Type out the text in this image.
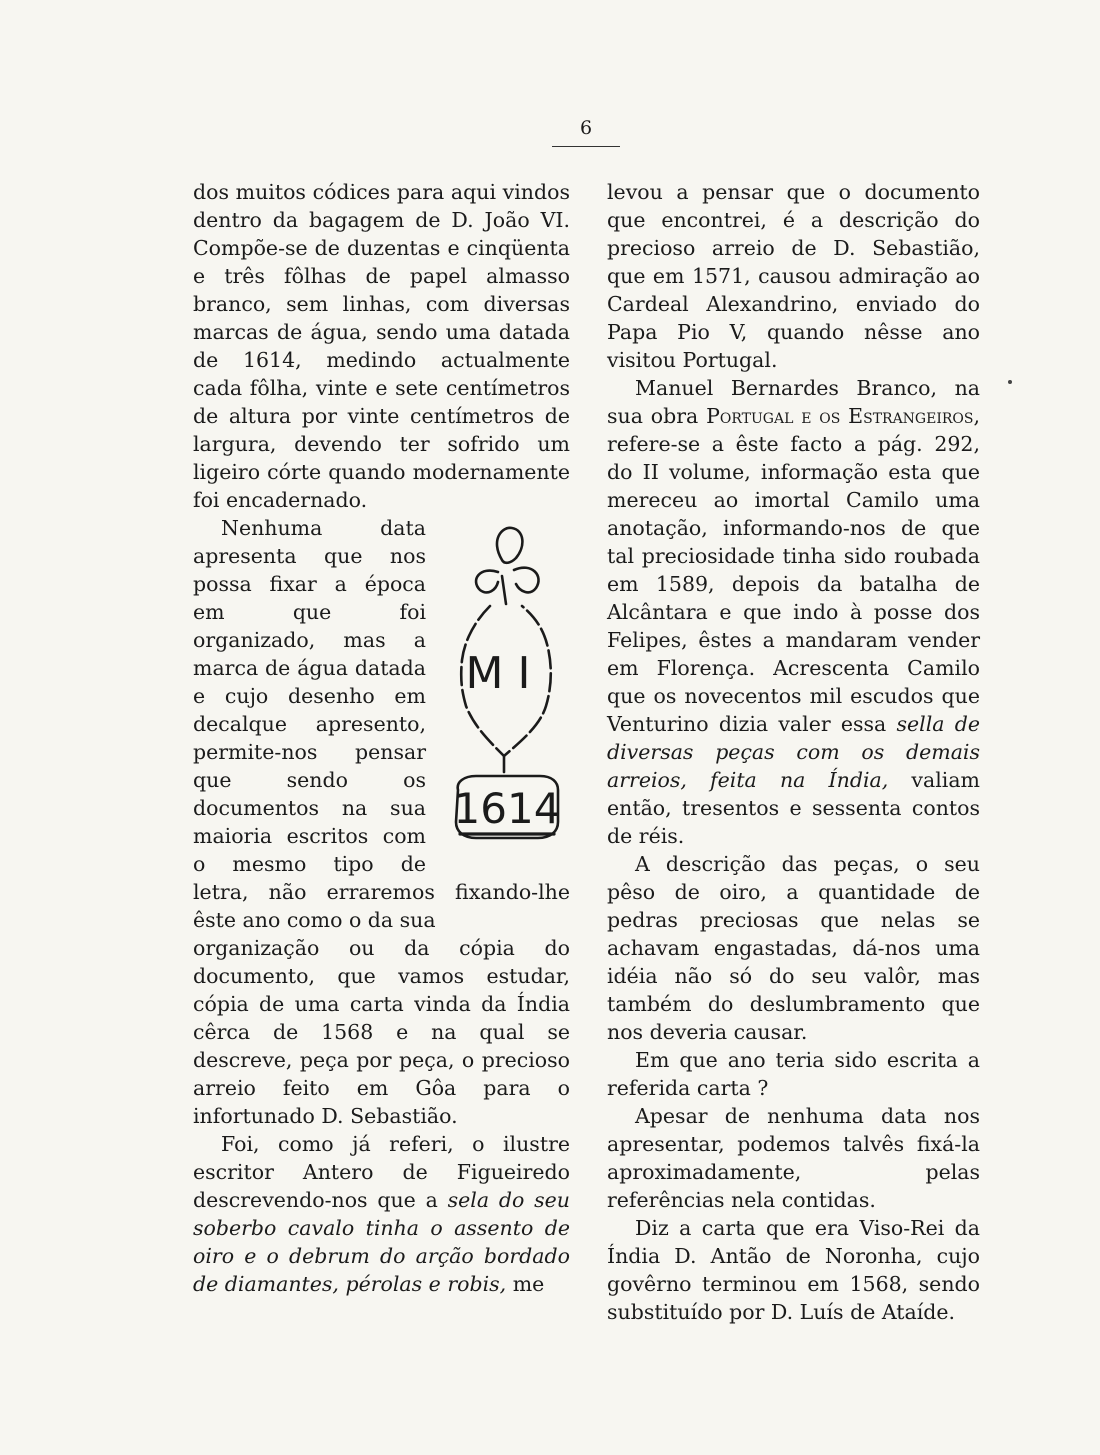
6

dos muitos códices para aqui vindos dentro da bagagem de D. João VI. Compõe-se de duzentas e cinqüenta e três fôlhas de papel almasso branco, sem linhas, com diversas marcas de água, sendo uma datada de 1614, medindo actualmente cada fôlha, vinte e sete centímetros de altura por vinte centímetros de largura, devendo ter sofrido um ligeiro córte quando modernamente foi encadernado.

M I
1614

Nenhuma data apresenta que nos possa fixar a época em que foi organizado, mas a marca de água datada e cujo desenho em decalque apresento, permite-nos pensar que sendo os documentos na sua maioria escritos com o mesmo tipo de letra, não erraremos fixando-lhe êste ano como o da sua

organização ou da cópia do documento, que vamos estudar, cópia de uma carta vinda da Índia cêrca de 1568 e na qual se descreve, peça por peça, o precioso arreio feito em Gôa para o infortunado D. Sebastião.

Foi, como já referi, o ilustre escritor Antero de Figueiredo descrevendo-nos que a sela do seu soberbo cavalo tinha o assento de oiro e o debrum do arção bordado de diamantes, pérolas e robis, me

levou a pensar que o documento que encontrei, é a descrição do precioso arreio de D. Sebastião, que em 1571, causou admiração ao Cardeal Alexandrino, enviado do Papa Pio V, quando nêsse ano visitou Portugal.

Manuel Bernardes Branco, na sua obra Portugal e os Estrangeiros, refere-se a êste facto a pág. 292, do II volume, informação esta que mereceu ao imortal Camilo uma anotação, informando-nos de que tal preciosidade tinha sido roubada em 1589, depois da batalha de Alcântara e que indo à posse dos Felipes, êstes a mandaram vender em Florença. Acrescenta Camilo que os novecentos mil escudos que Venturino dizia valer essa sella de diversas peças com os demais arreios, feita na Índia, valiam então, tresentos e sessenta contos de réis.

A descrição das peças, o seu pêso de oiro, a quantidade de pedras preciosas que nelas se achavam engastadas, dá-nos uma idéia não só do seu valôr, mas também do deslumbramento que nos deveria causar.

Em que ano teria sido escrita a referida carta ?

Apesar de nenhuma data nos apresentar, podemos talvês fixá-la aproximadamente, pelas referências nela contidas.

Diz a carta que era Viso-Rei da Índia D. Antão de Noronha, cujo govêrno terminou em 1568, sendo substituído por D. Luís de Ataíde.
